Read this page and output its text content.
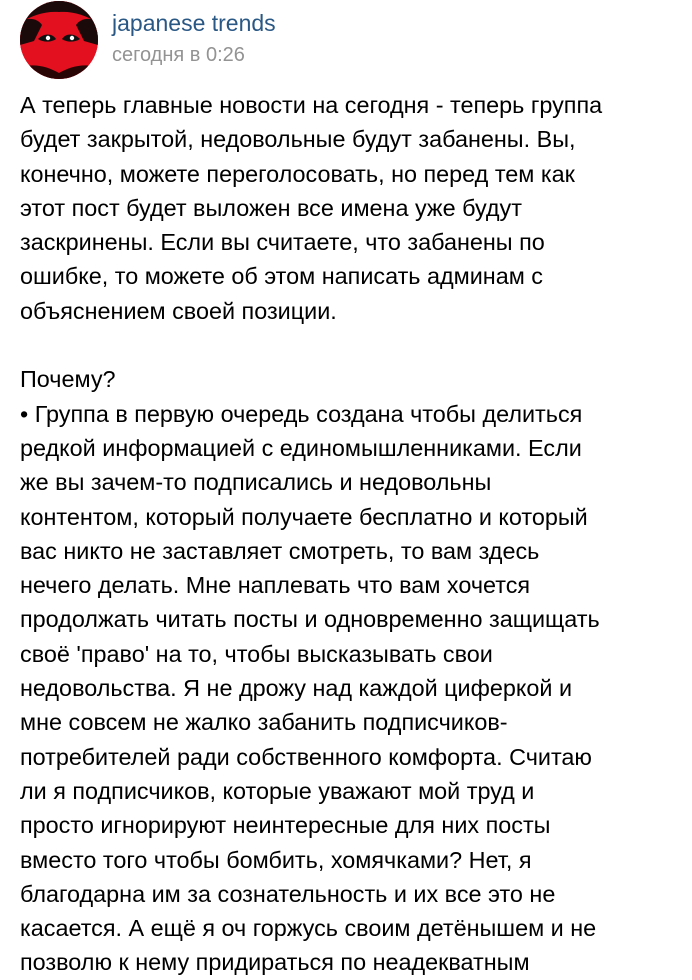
japanese trends
сегодня в 0:26
А теперь главные новости на сегодня - теперь группа
будет закрытой, недовольные будут забанены. Вы,
конечно, можете переголосовать, но перед тем как
этот пост будет выложен все имена уже будут
заскринены. Если вы считаете, что забанены по
ошибке, то можете об этом написать админам с
объяснением своей позиции.
Почему?
• Группа в первую очередь создана чтобы делиться
редкой информацией с единомышленниками. Если
же вы зачем-то подписались и недовольны
контентом, который получаете бесплатно и который
вас никто не заставляет смотреть, то вам здесь
нечего делать. Мне наплевать что вам хочется
продолжать читать посты и одновременно защищать
своё 'право' на то, чтобы высказывать свои
недовольства. Я не дрожу над каждой циферкой и
мне совсем не жалко забанить подписчиков-
потребителей ради собственного комфорта. Считаю
ли я подписчиков, которые уважают мой труд и
просто игнорируют неинтересные для них посты
вместо того чтобы бомбить, хомячками? Нет, я
благодарна им за сознательность и их все это не
касается. А ещё я оч горжусь своим детёнышем и не
позволю к нему придираться по неадекватным
